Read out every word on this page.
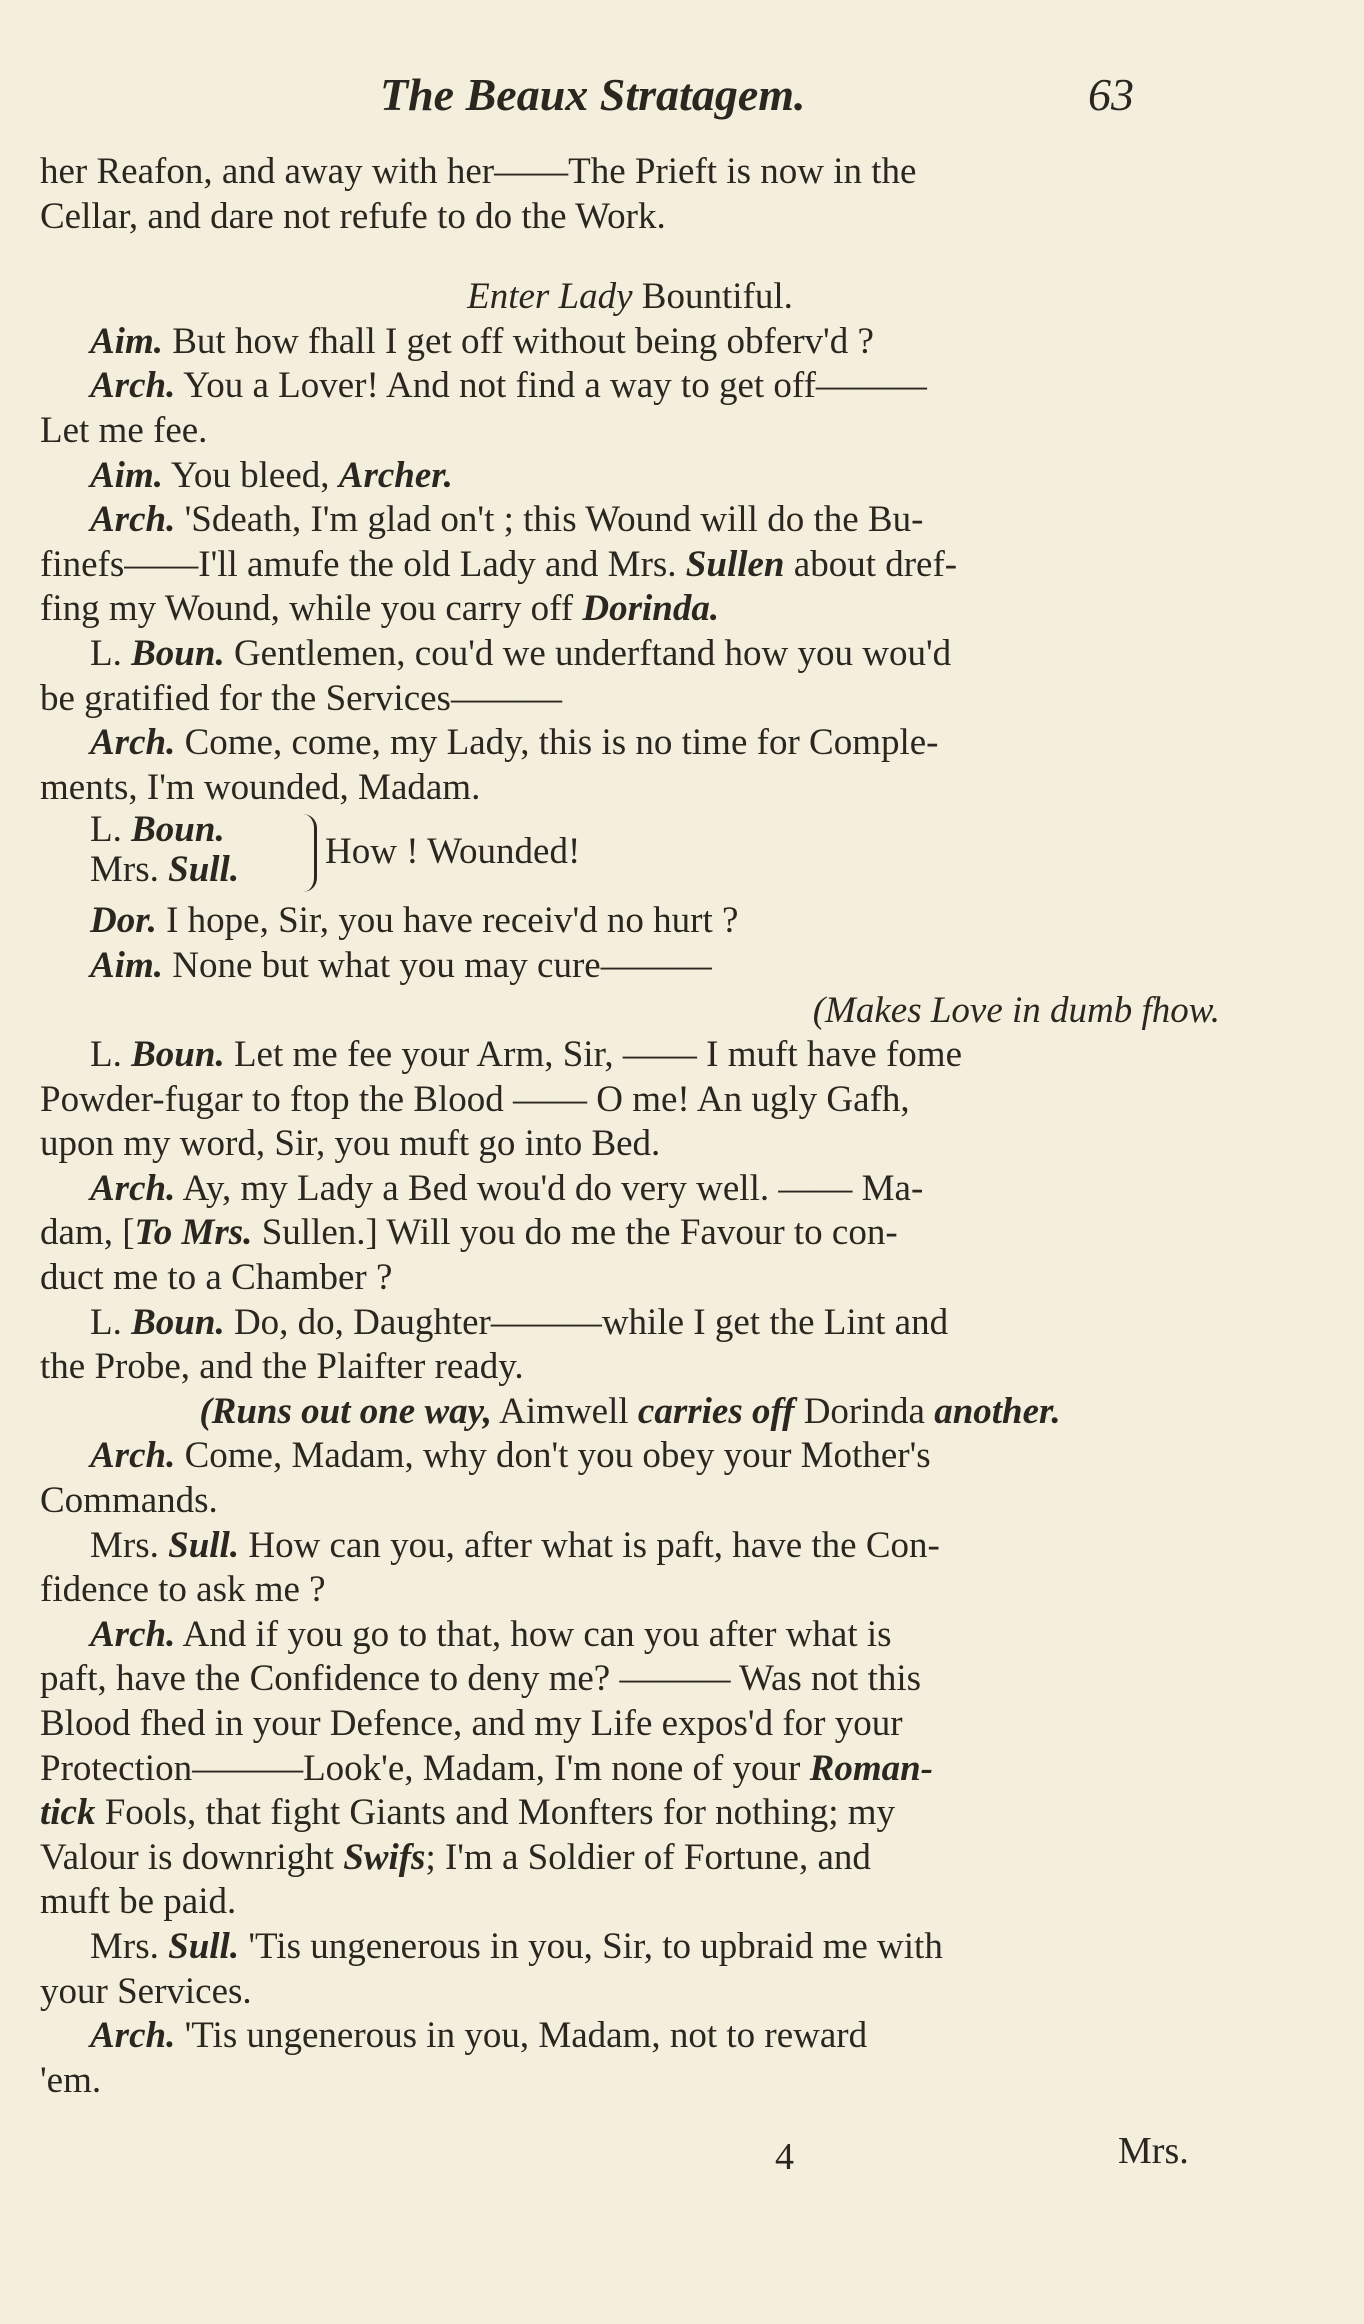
The Beaux Stratagem.	63
her Reafon, and away with her——The Prieft is now in the
Cellar, and dare not refufe to do the Work.
Enter Lady Bountiful.
Aim. But how fhall I get off without being obferv'd ?
Arch. You a Lover! And not find a way to get off———
Let me fee.
Aim. You bleed, Archer.
Arch. 'Sdeath, I'm glad on't ; this Wound will do the Bu-
finefs——I'll amufe the old Lady and Mrs. Sullen about dref-
fing my Wound, while you carry off Dorinda.
L. Boun. Gentlemen, cou'd we underftand how you wou'd
be gratified for the Services———
Arch. Come, come, my Lady, this is no time for Comple-
ments, I'm wounded, Madam.
L. Boun.
Mrs. Sull. How ! Wounded!
Dor. I hope, Sir, you have receiv'd no hurt ?
Aim. None but what you may cure———
(Makes Love in dumb fhow.
L. Boun. Let me fee your Arm, Sir, —— I muft have fome
Powder-fugar to ftop the Blood —— O me! An ugly Gafh,
upon my word, Sir, you muft go into Bed.
Arch. Ay, my Lady a Bed wou'd do very well. —— Ma-
dam, [To Mrs. Sullen.] Will you do me the Favour to con-
duct me to a Chamber ?
L. Boun. Do, do, Daughter———while I get the Lint and
the Probe, and the Plaifter ready.
(Runs out one way, Aimwell carries off Dorinda another.
Arch. Come, Madam, why don't you obey your Mother's
Commands.
Mrs. Sull. How can you, after what is paft, have the Con-
fidence to ask me ?
Arch. And if you go to that, how can you after what is
paft, have the Confidence to deny me? ——— Was not this
Blood fhed in your Defence, and my Life expos'd for your
Protection———Look'e, Madam, I'm none of your Roman-
tick Fools, that fight Giants and Monfters for nothing; my
Valour is downright Swifs; I'm a Soldier of Fortune, and
muft be paid.
Mrs. Sull. 'Tis ungenerous in you, Sir, to upbraid me with
your Services.
Arch. 'Tis ungenerous in you, Madam, not to reward
'em.
4	Mrs.
